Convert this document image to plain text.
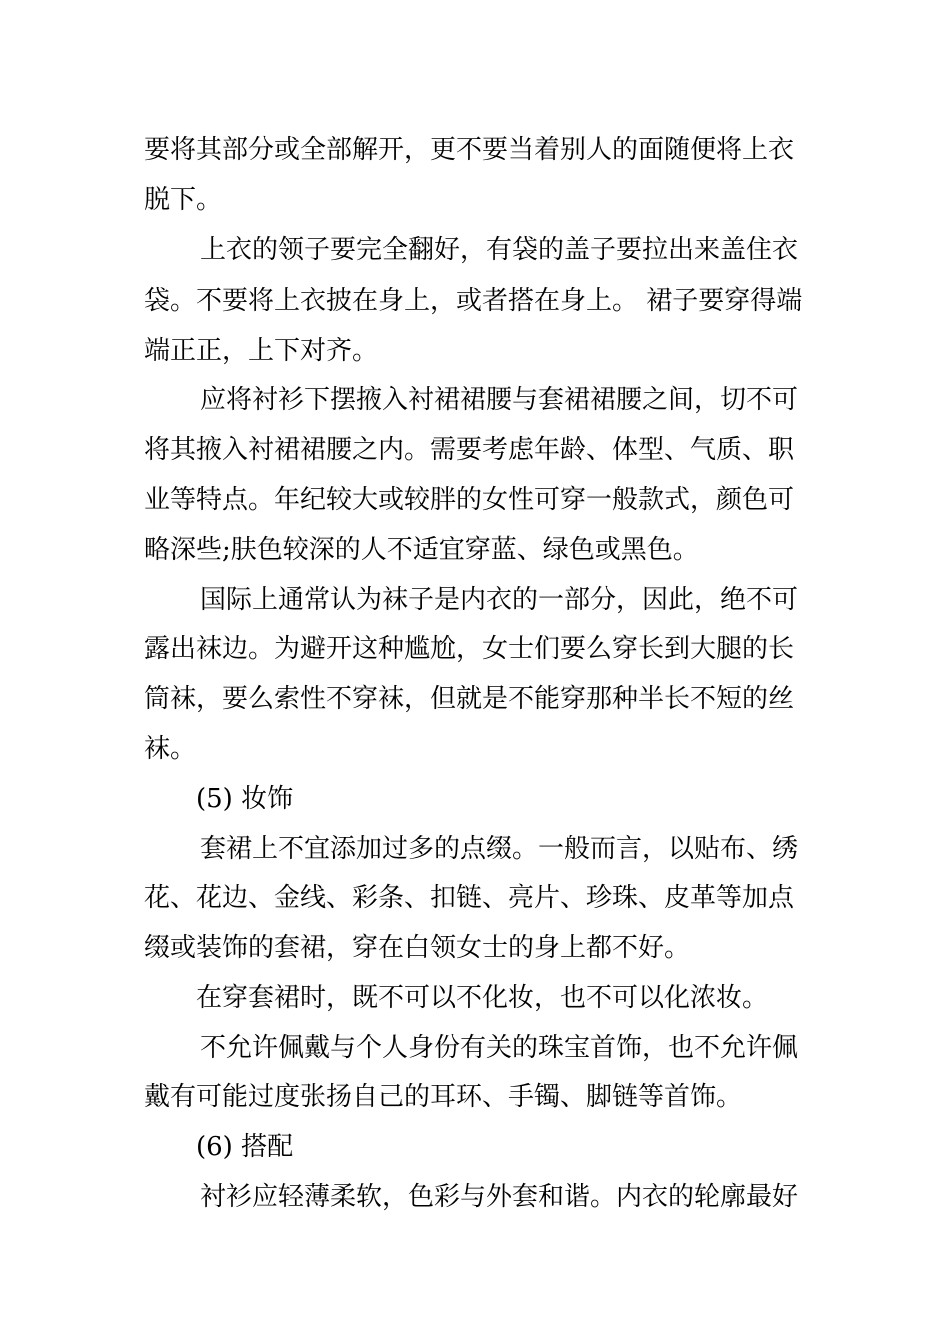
要将其部分或全部解开，更不要当着别人的面随便将上衣
脱下。
上衣的领子要完全翻好，有袋的盖子要拉出来盖住衣
袋。不要将上衣披在身上，或者搭在身上。 裙子要穿得端
端正正，上下对齐。
应将衬衫下摆掖入衬裙裙腰与套裙裙腰之间，切不可
将其掖入衬裙裙腰之内。需要考虑年龄、体型、气质、职
业等特点。年纪较大或较胖的女性可穿一般款式，颜色可
略深些;肤色较深的人不适宜穿蓝、绿色或黑色。
国际上通常认为袜子是内衣的一部分，因此，绝不可
露出袜边。为避开这种尴尬，女士们要么穿长到大腿的长
筒袜，要么索性不穿袜，但就是不能穿那种半长不短的丝
袜。
(5) 妆饰
套裙上不宜添加过多的点缀。一般而言，以贴布、绣
花、花边、金线、彩条、扣链、亮片、珍珠、皮革等加点
缀或装饰的套裙，穿在白领女士的身上都不好。
在穿套裙时，既不可以不化妆，也不可以化浓妆。
不允许佩戴与个人身份有关的珠宝首饰，也不允许佩
戴有可能过度张扬自己的耳环、手镯、脚链等首饰。
(6) 搭配
衬衫应轻薄柔软，色彩与外套和谐。内衣的轮廓最好
